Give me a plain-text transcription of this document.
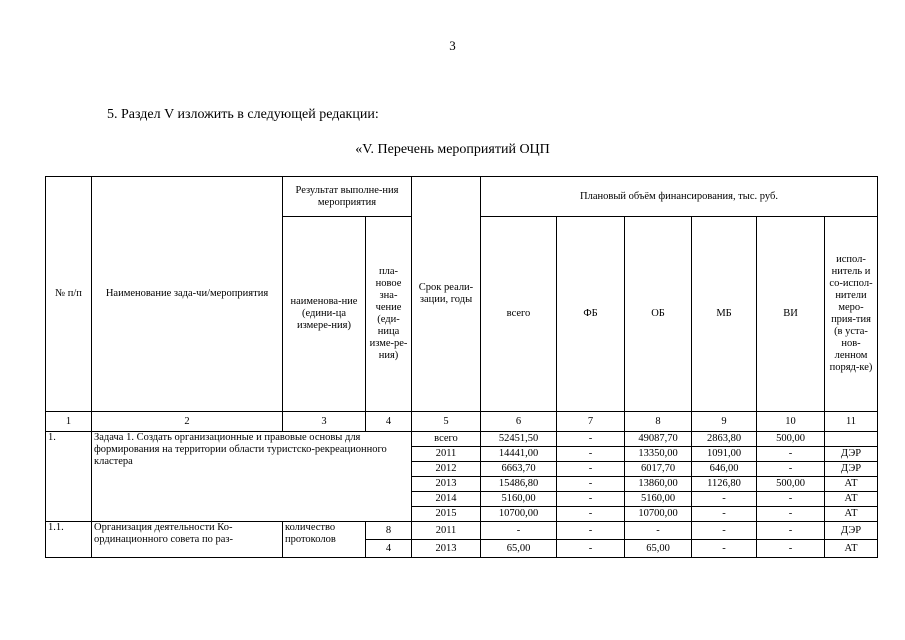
3
5. Раздел V изложить в следующей редакции:
«V. Перечень мероприятий ОЦП
№ п/п	Наименование зада-чи/мероприятия	Результат выполне-ния мероприятия		Срок реали-зации, годы	Плановый объём финансирования, тыс. руб.					
		наименова-ние (едини-ца измере-ния)	пла-новое зна-чение (еди-ница изме-ре-ния)		всего	ФБ	ОБ	МБ	ВИ	испол-нитель и со-испол-нители меро-прия-тия (в уста-нов-ленном поряд-ке)
1	2	3	4	5	6	7	8	9	10	11
1.	Задача 1. Создать организационные и правовые основы для формирования на территории области туристско-рекреационного кластера			всего	52451,50	-	49087,70	2863,80	500,00	
				2011	14441,00	-	13350,00	1091,00	-	ДЭР
				2012	6663,70	-	6017,70	646,00	-	ДЭР
				2013	15486,80	-	13860,00	1126,80	500,00	АТ
				2014	5160,00	-	5160,00	-	-	АТ
				2015	10700,00	-	10700,00	-	-	АТ
1.1.	Организация деятельности Ко-ординационного совета по раз-	количество протоколов	8	2011	-	-	-	-	-	ДЭР
			4	2013	65,00	-	65,00	-	-	АТ
